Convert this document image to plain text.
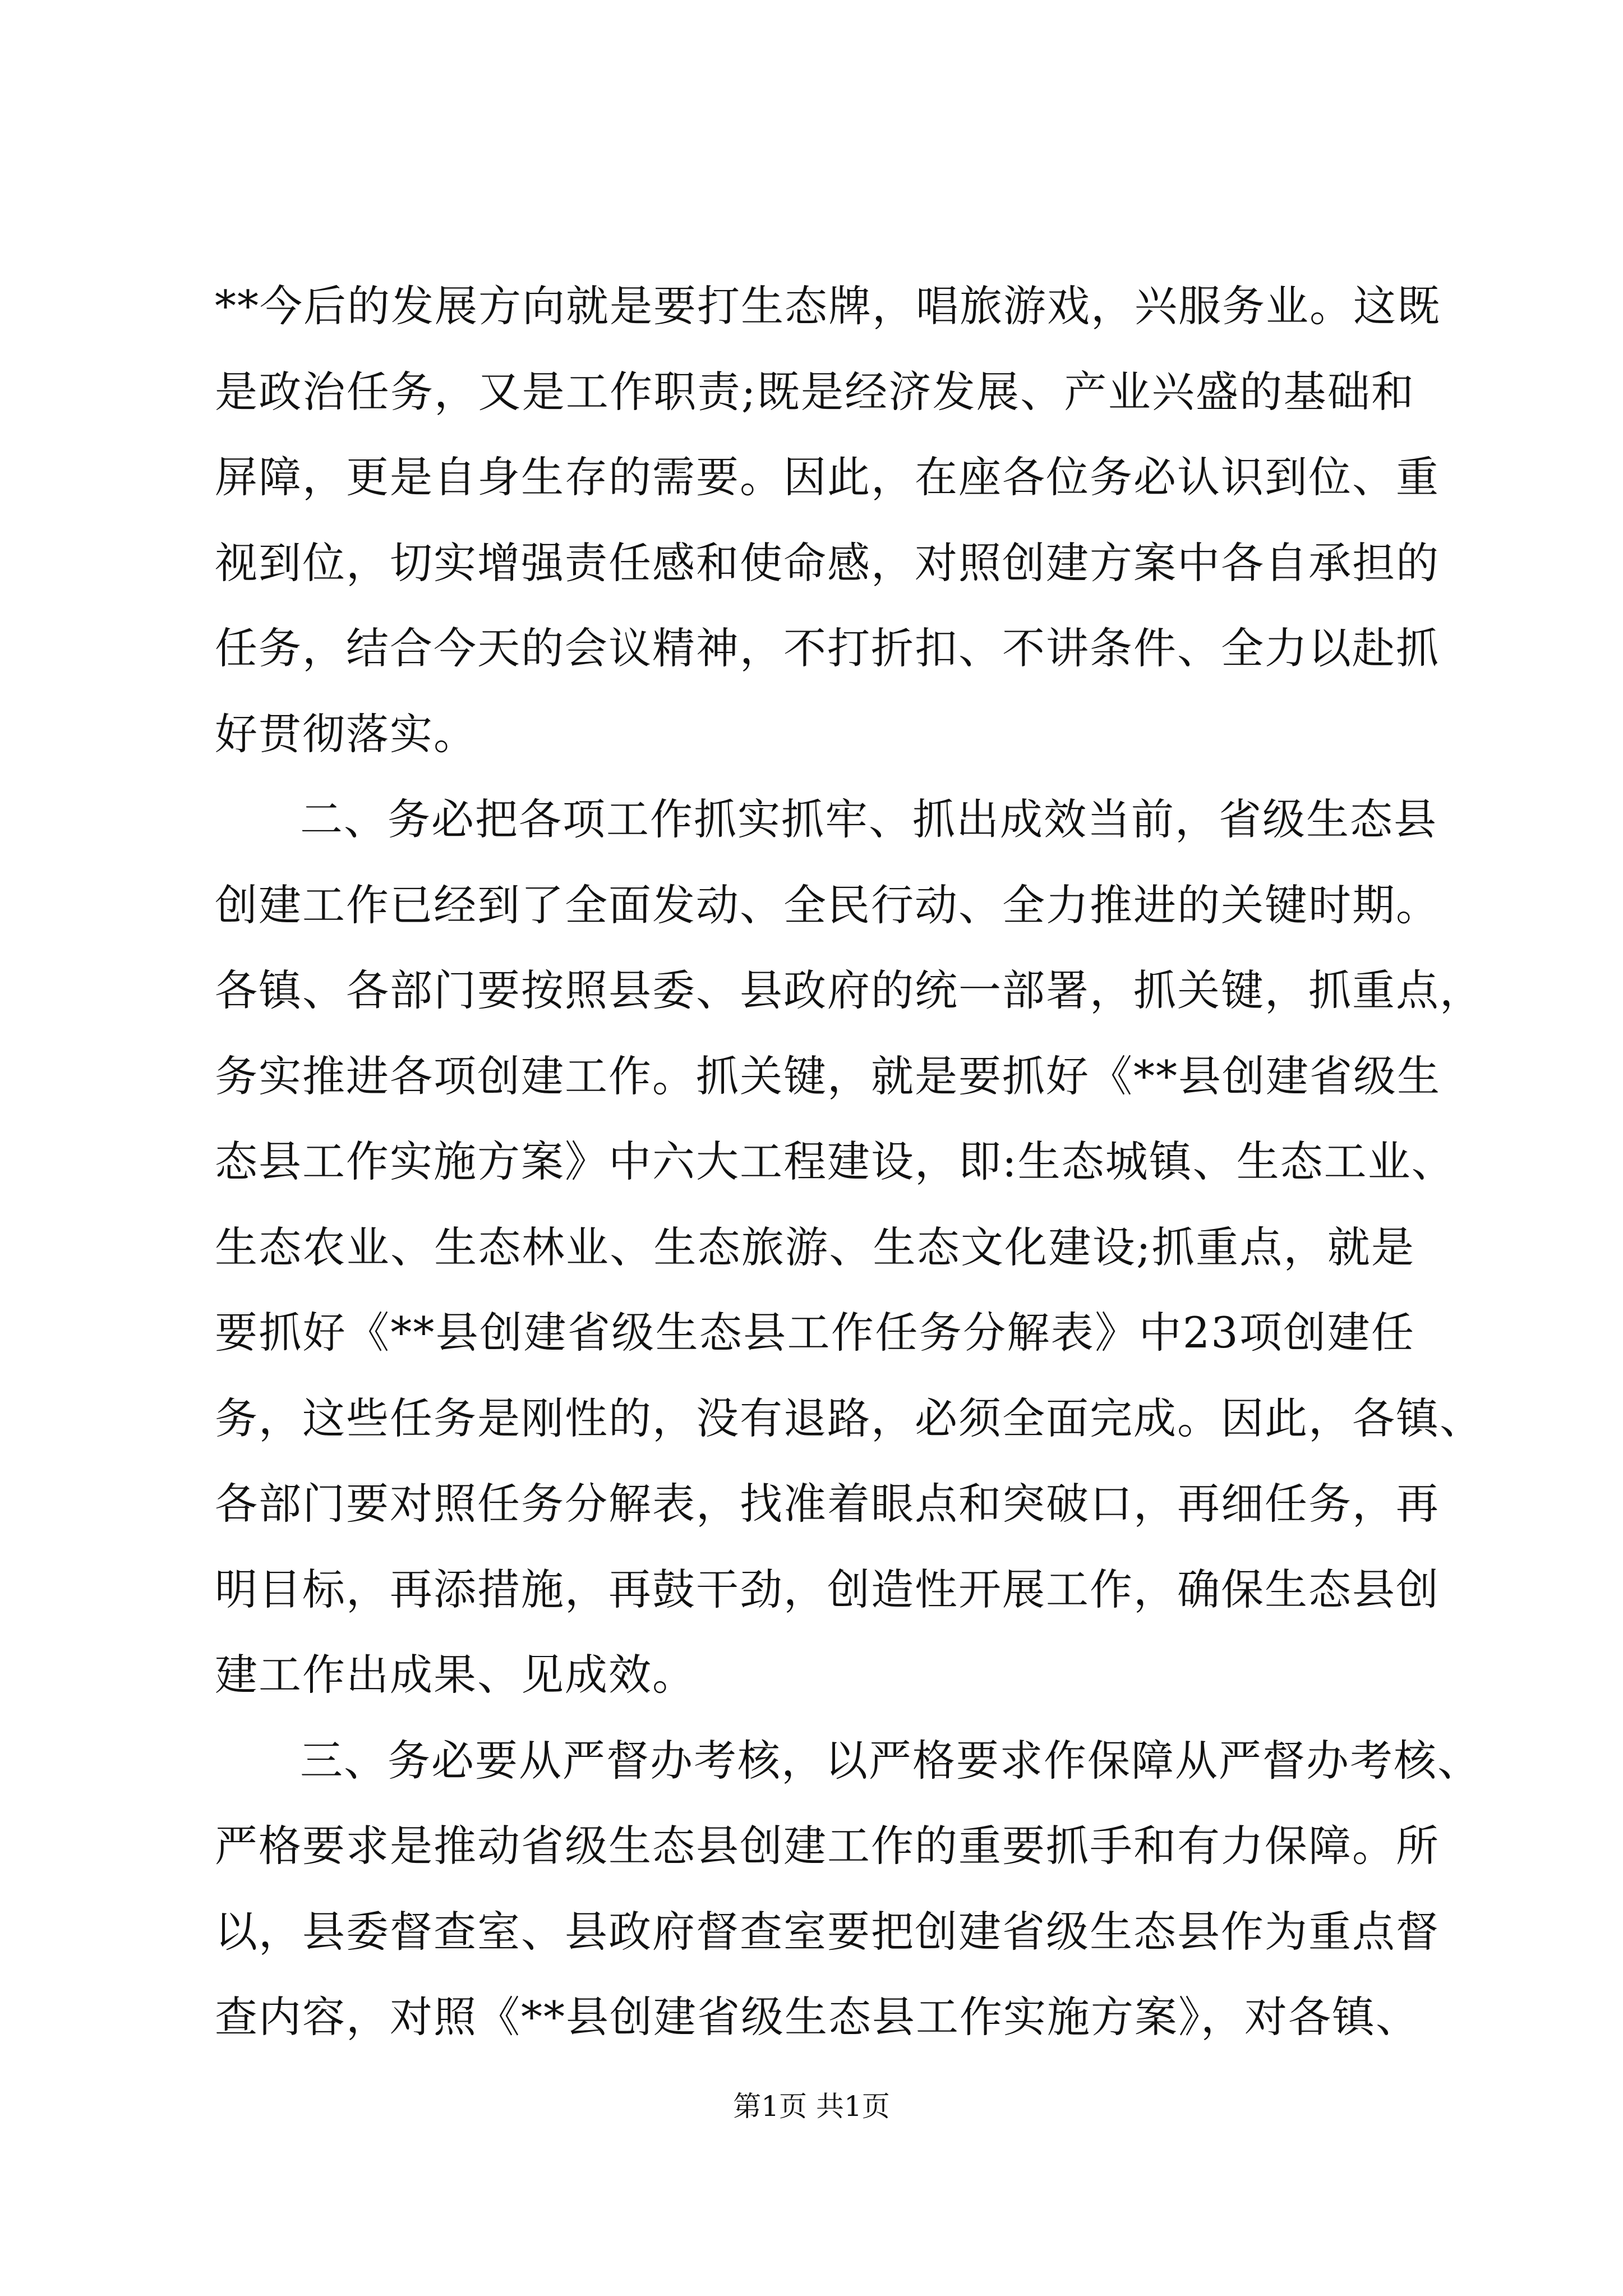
**今后的发展方向就是要打生态牌，唱旅游戏，兴服务业。这既
是政治任务，又是工作职责;既是经济发展、产业兴盛的基础和
屏障，更是自身生存的需要。因此，在座各位务必认识到位、重
视到位，切实增强责任感和使命感，对照创建方案中各自承担的
任务，结合今天的会议精神，不打折扣、不讲条件、全力以赴抓
好贯彻落实。
二、务必把各项工作抓实抓牢、抓出成效当前，省级生态县
创建工作已经到了全面发动、全民行动、全力推进的关键时期。
各镇、各部门要按照县委、县政府的统一部署，抓关键，抓重点，
务实推进各项创建工作。抓关键，就是要抓好《**县创建省级生
态县工作实施方案》中六大工程建设，即:生态城镇、生态工业、
生态农业、生态林业、生态旅游、生态文化建设;抓重点，就是
要抓好《**县创建省级生态县工作任务分解表》中23项创建任
务，这些任务是刚性的，没有退路，必须全面完成。因此，各镇、
各部门要对照任务分解表，找准着眼点和突破口，再细任务，再
明目标，再添措施，再鼓干劲，创造性开展工作，确保生态县创
建工作出成果、见成效。
三、务必要从严督办考核，以严格要求作保障从严督办考核、
严格要求是推动省级生态县创建工作的重要抓手和有力保障。所
以，县委督查室、县政府督查室要把创建省级生态县作为重点督
查内容，对照《**县创建省级生态县工作实施方案》，对各镇、
第1页 共1页
